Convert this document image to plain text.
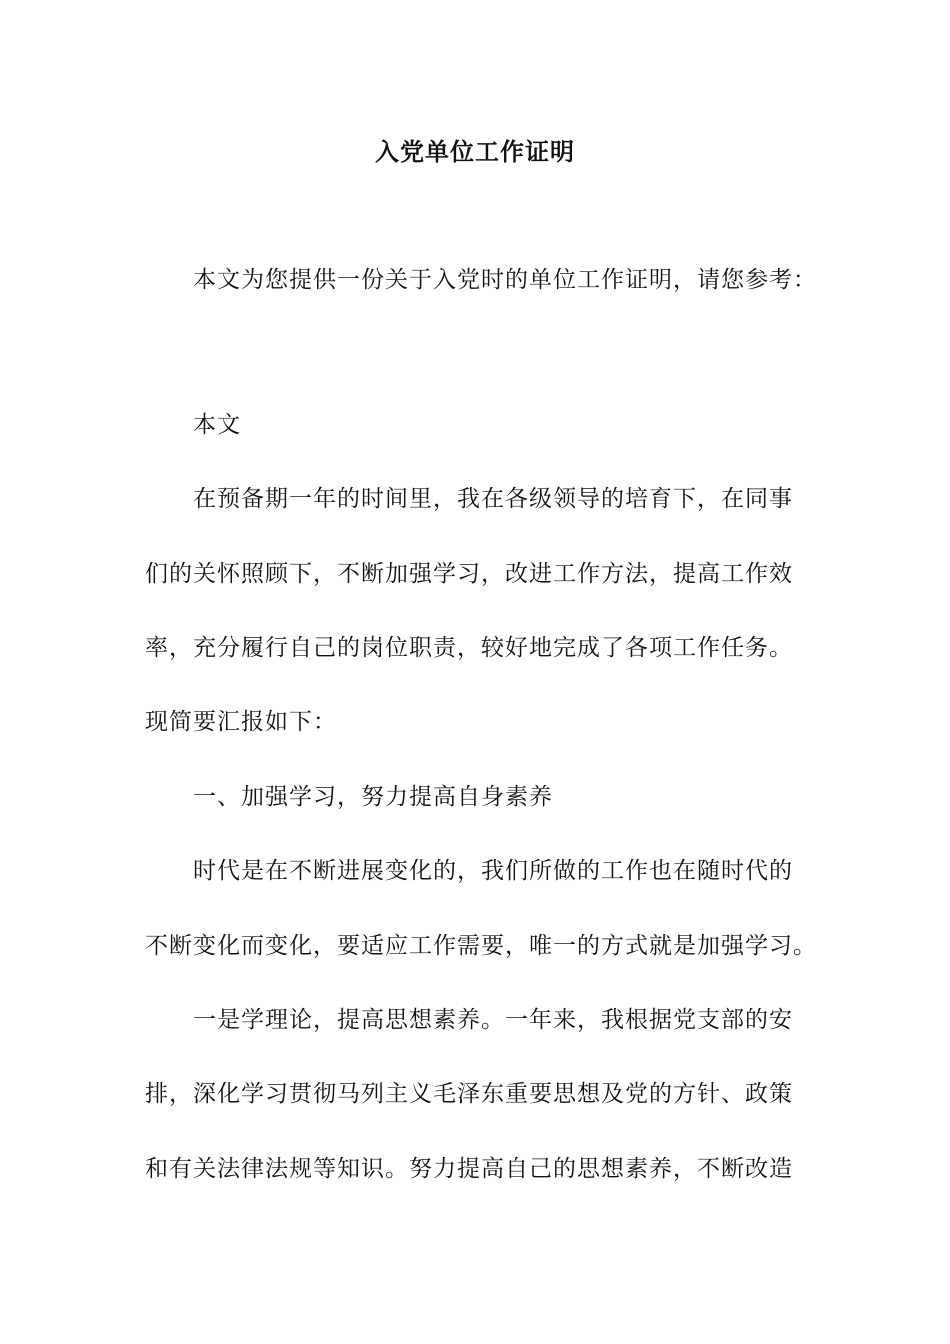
入党单位工作证明
本文为您提供一份关于入党时的单位工作证明，请您参考：
本文
在预备期一年的时间里，我在各级领导的培育下，在同事
们的关怀照顾下，不断加强学习，改进工作方法，提高工作效
率，充分履行自己的岗位职责，较好地完成了各项工作任务。
现简要汇报如下：
一、加强学习，努力提高自身素养
时代是在不断进展变化的，我们所做的工作也在随时代的
不断变化而变化，要适应工作需要，唯一的方式就是加强学习。
一是学理论，提高思想素养。一年来，我根据党支部的安
排，深化学习贯彻马列主义毛泽东重要思想及党的方针、政策
和有关法律法规等知识。努力提高自己的思想素养，不断改造
